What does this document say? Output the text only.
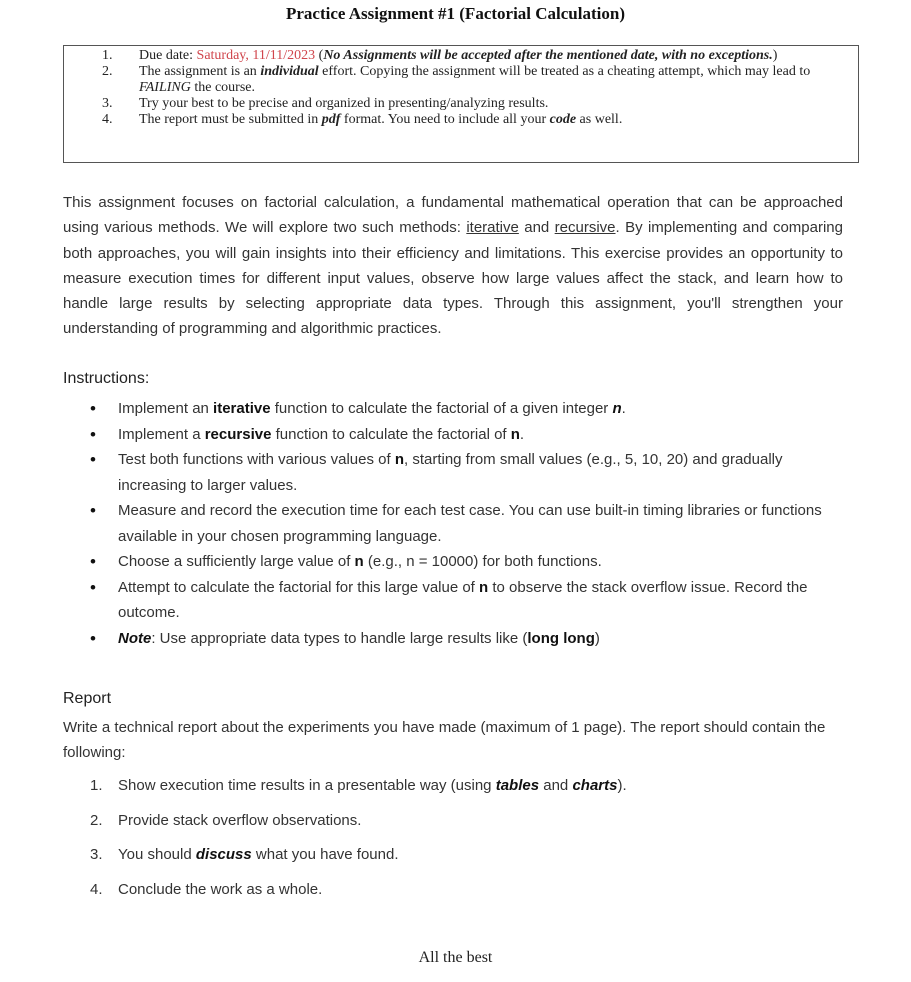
Practice Assignment #1 (Factorial Calculation)
1. Due date: Saturday, 11/11/2023 (No Assignments will be accepted after the mentioned date, with no exceptions.)
2. The assignment is an individual effort. Copying the assignment will be treated as a cheating attempt, which may lead to FAILING the course.
3. Try your best to be precise and organized in presenting/analyzing results.
4. The report must be submitted in pdf format. You need to include all your code as well.
This assignment focuses on factorial calculation, a fundamental mathematical operation that can be approached using various methods. We will explore two such methods: iterative and recursive. By implementing and comparing both approaches, you will gain insights into their efficiency and limitations. This exercise provides an opportunity to measure execution times for different input values, observe how large values affect the stack, and learn how to handle large results by selecting appropriate data types. Through this assignment, you'll strengthen your understanding of programming and algorithmic practices.
Instructions:
• Implement an iterative function to calculate the factorial of a given integer n.
• Implement a recursive function to calculate the factorial of n.
• Test both functions with various values of n, starting from small values (e.g., 5, 10, 20) and gradually increasing to larger values.
• Measure and record the execution time for each test case. You can use built-in timing libraries or functions available in your chosen programming language.
• Choose a sufficiently large value of n (e.g., n = 10000) for both functions.
• Attempt to calculate the factorial for this large value of n to observe the stack overflow issue. Record the outcome.
• Note: Use appropriate data types to handle large results like (long long)
Report
Write a technical report about the experiments you have made (maximum of 1 page). The report should contain the following:
1. Show execution time results in a presentable way (using tables and charts).
2. Provide stack overflow observations.
3. You should discuss what you have found.
4. Conclude the work as a whole.
All the best
